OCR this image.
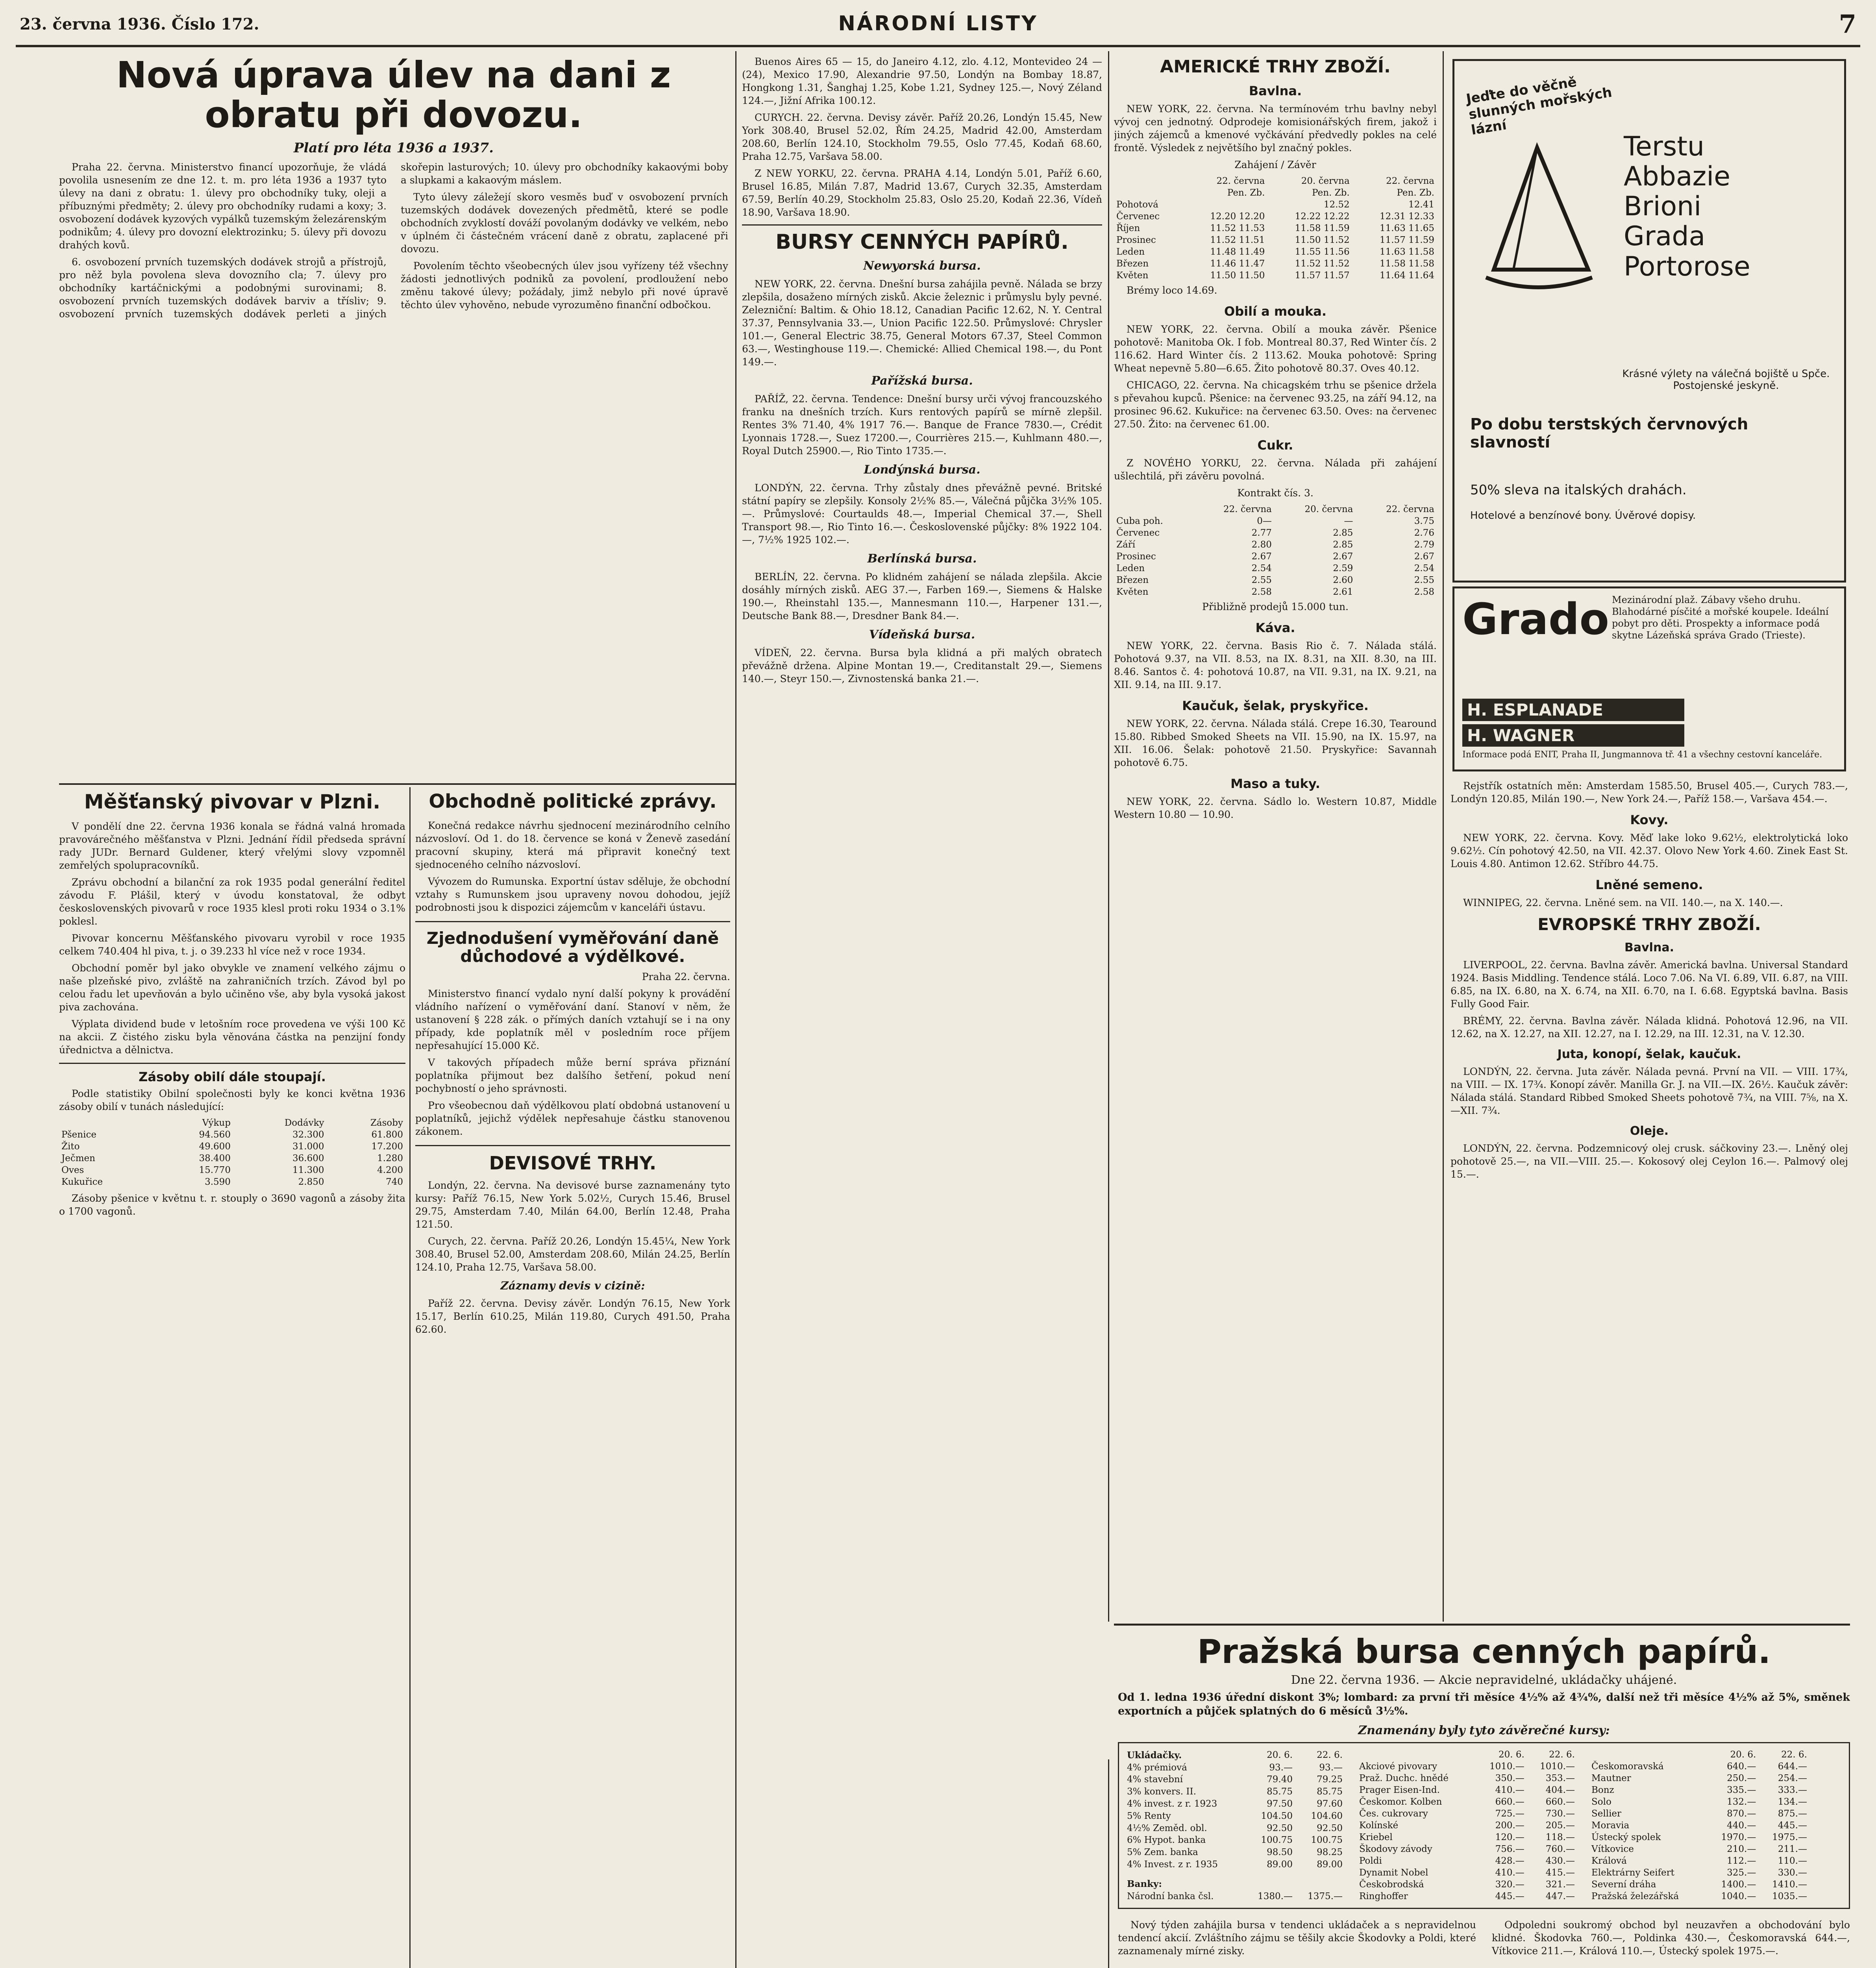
23. června 1936. Číslo 172.	NÁRODNÍ LISTY	7
Nová úprava úlev na dani z obratu při dovozu.

Platí pro léta 1936 a 1937.

Praha 22. června. Ministerstvo financí upozorňuje, že vládá povolila usnesením ze dne 12. t. m. pro léta 1936 a 1937 tyto úlevy na dani z obratu: 1. úlevy pro obchodníky tuky, oleji a příbuznými předměty; 2. úlevy pro obchodníky rudami a koxy; 3. osvobození dodávek kyzových vypálků tuzemským železárenským podnikům; 4. úlevy pro dovozní elektrozinku; 5. úlevy při dovozu drahých kovů.

6. osvobození prvních tuzemských dodávek strojů a přístrojů, pro něž byla povolena sleva dovozního cla; 7. úlevy pro obchodníky kartáčnickými a podobnými surovinami; 8. osvobození prvních tuzemských dodávek barviv a třísliv; 9. osvobození prvních tuzemských dodávek perleti a jiných skořepin lasturových; 10. úlevy pro obchodníky kakaovými boby a slupkami a kakaovým máslem.

Tyto úlevy záležejí skoro vesměs buď v osvobození prvních tuzemských dodávek dovezených předmětů, které se podle obchodních zvyklostí dováží povolaným dodávky ve velkém, nebo v úplném či částečném vrácení daně z obratu, zaplacené při dovozu.

Povolením těchto všeobecných úlev jsou vyřízeny též všechny žádosti jednotlivých podniků za povolení, prodloužení nebo změnu takové úlevy; požádaly, jimž nebylo při nové úpravě těchto úlev vyhověno, nebude vyrozuměno finanční odbočkou.

Měšťanský pivovar v Plzni.

V pondělí dne 22. června 1936 konala se řádná valná hromada pravovárečného měšťanstva v Plzni. Jednání řídil předseda správní rady JUDr. Bernard Guldener, který vřelými slovy vzpomněl zemřelých spolupracovníků.

Zprávu obchodní a bilanční za rok 1935 podal generální ředitel závodu F. Plášil, který v úvodu konstatoval, že odbyt československých pivovarů v roce 1935 klesl proti roku 1934 o 3.1% poklesl.

Pivovar koncernu Měšťanského pivovaru vyrobil v roce 1935 celkem 740.404 hl piva, t. j. o 39.233 hl více než v roce 1934.

Obchodní poměr byl jako obvykle ve znamení velkého zájmu o naše plzeňské pivo, zvláště na zahraničních trzích. Závod byl po celou řadu let upevňován a bylo učiněno vše, aby byla vysoká jakost piva zachována.

Výplata dividend bude v letošním roce provedena ve výši 100 Kč na akcii. Z čistého zisku byla věnována částka na penzijní fondy úřednictva a dělnictva.

Zásoby obilí dále stoupají.

Podle statistiky Obilní společnosti byly ke konci května 1936 zásoby obilí v tunách následující:

	Výkup	Dodávky	Zásoby
Pšenice	94.560	32.300	61.800
Žito	49.600	31.000	17.200
Ječmen	38.400	36.600	1.280
Oves	15.770	11.300	4.200
Kukuřice	3.590	2.850	740

Zásoby pšenice v květnu t. r. stouply o 3690 vagonů a zásoby žita o 1700 vagonů.

Obchodně politické zprávy.

Konečná redakce návrhu sjednocení mezinárodního celního názvosloví. Od 1. do 18. července se koná v Ženevě zasedání pracovní skupiny, která má připravit konečný text sjednoceného celního názvosloví.

Vývozem do Rumunska. Exportní ústav sděluje, že obchodní vztahy s Rumunskem jsou upraveny novou dohodou, jejíž podrobnosti jsou k dispozici zájemcům v kanceláři ústavu.

Zjednodušení vyměřování daně důchodové a výdělkové.

Praha 22. června.

Ministerstvo financí vydalo nyní další pokyny k provádění vládního nařízení o vyměřování daní. Stanoví v něm, že ustanovení § 228 zák. o přímých daních vztahují se i na ony případy, kde poplatník měl v posledním roce příjem nepřesahující 15.000 Kč.

V takových případech může berní správa přiznání poplatníka přijmout bez dalšího šetření, pokud není pochybností o jeho správnosti.

Pro všeobecnou daň výdělkovou platí obdobná ustanovení u poplatníků, jejichž výdělek nepřesahuje částku stanovenou zákonem.

DEVISOVÉ TRHY.

Londýn, 22. června. Na devisové burse zaznamenány tyto kursy: Paříž 76.15, New York 5.02½, Curych 15.46, Brusel 29.75, Amsterdam 7.40, Milán 64.00, Berlín 12.48, Praha 121.50.

Curych, 22. června. Paříž 20.26, Londýn 15.45¼, New York 308.40, Brusel 52.00, Amsterdam 208.60, Milán 24.25, Berlín 124.10, Praha 12.75, Varšava 58.00.

Záznamy devis v cizině:

Paříž 22. června. Devisy závěr. Londýn 76.15, New York 15.17, Berlín 610.25, Milán 119.80, Curych 491.50, Praha 62.60.

Buenos Aires 65 — 15, do Janeiro 4.12, zlo. 4.12, Montevideo 24 — (24), Mexico 17.90, Alexandrie 97.50, Londýn na Bombay 18.87, Hongkong 1.31, Šanghaj 1.25, Kobe 1.21, Sydney 125.—, Nový Zéland 124.—, Jižní Afrika 100.12.

CURYCH. 22. června. Devisy závěr. Paříž 20.26, Londýn 15.45, New York 308.40, Brusel 52.02, Řím 24.25, Madrid 42.00, Amsterdam 208.60, Berlín 124.10, Stockholm 79.55, Oslo 77.45, Kodaň 68.60, Praha 12.75, Varšava 58.00.

Z NEW YORKU, 22. června. PRAHA 4.14, Londýn 5.01, Paříž 6.60, Brusel 16.85, Milán 7.87, Madrid 13.67, Curych 32.35, Amsterdam 67.59, Berlín 40.29, Stockholm 25.83, Oslo 25.20, Kodaň 22.36, Vídeň 18.90, Varšava 18.90.

BURSY CENNÝCH PAPÍRŮ.

Newyorská bursa.

NEW YORK, 22. června. Dnešní bursa zahájila pevně. Nálada se brzy zlepšila, dosaženo mírných zisků. Akcie železnic i průmyslu byly pevné. Zelezniční: Baltim. & Ohio 18.12, Canadian Pacific 12.62, N. Y. Central 37.37, Pennsylvania 33.—, Union Pacific 122.50. Průmyslové: Chrysler 101.—, General Electric 38.75, General Motors 67.37, Steel Common 63.—, Westinghouse 119.—. Chemické: Allied Chemical 198.—, du Pont 149.—.

Pařížská bursa.

PAŘÍŽ, 22. června. Tendence: Dnešní bursy urči vývoj francouzského franku na dnešních trzích. Kurs rentových papírů se mírně zlepšil. Rentes 3% 71.40, 4% 1917 76.—. Banque de France 7830.—, Crédit Lyonnais 1728.—, Suez 17200.—, Courrières 215.—, Kuhlmann 480.—, Royal Dutch 25900.—, Rio Tinto 1735.—.

Londýnská bursa.

LONDÝN, 22. června. Trhy zůstaly dnes převážně pevné. Britské státní papíry se zlepšily. Konsoly 2½% 85.—, Válečná půjčka 3½% 105.—. Průmyslové: Courtaulds 48.—, Imperial Chemical 37.—, Shell Transport 98.—, Rio Tinto 16.—. Československé půjčky: 8% 1922 104.—, 7½% 1925 102.—.

Berlínská bursa.

BERLÍN, 22. června. Po klidném zahájení se nálada zlepšila. Akcie dosáhly mírných zisků. AEG 37.—, Farben 169.—, Siemens & Halske 190.—, Rheinstahl 135.—, Mannesmann 110.—, Harpener 131.—, Deutsche Bank 88.—, Dresdner Bank 84.—.

Vídeňská bursa.

VÍDEŇ, 22. června. Bursa byla klidná a při malých obratech převážně držena. Alpine Montan 19.—, Creditanstalt 29.—, Siemens 140.—, Steyr 150.—, Zivnostenská banka 21.—.

AMERICKÉ TRHY ZBOŽÍ.

Bavlna.

NEW YORK, 22. června. Na termínovém trhu bavlny nebyl vývoj cen jednotný. Odprodeje komisionářských firem, jakož i jiných zájemců a kmenové vyčkávání předvedly pokles na celé frontě. Výsledek z největšího byl značný pokles.

Zahájení / Závěr

	22. června	20. června	22. června
	Pen. Zb.	Pen. Zb.	Pen. Zb.
Pohotová		12.52	12.41
Červenec	12.20 12.20	12.22 12.22	12.31 12.33
Říjen	11.52 11.53	11.58 11.59	11.63 11.65
Prosinec	11.52 11.51	11.50 11.52	11.57 11.59
Leden	11.48 11.49	11.55 11.56	11.63 11.58
Březen	11.46 11.47	11.52 11.52	11.58 11.58
Květen	11.50 11.50	11.57 11.57	11.64 11.64

Brémy loco 14.69.

Obilí a mouka.

NEW YORK, 22. června. Obilí a mouka závěr. Pšenice pohotově: Manitoba Ok. I fob. Montreal 80.37, Red Winter čís. 2 116.62. Hard Winter čís. 2 113.62. Mouka pohotově: Spring Wheat nepevně 5.80—6.65. Žito pohotově 80.37. Oves 40.12.

CHICAGO, 22. června. Na chicagském trhu se pšenice držela s převahou kupců. Pšenice: na červenec 93.25, na září 94.12, na prosinec 96.62. Kukuřice: na červenec 63.50. Oves: na červenec 27.50. Žito: na červenec 61.00.

Cukr.

Z NOVÉHO YORKU, 22. června. Nálada při zahájení ušlechtilá, při závěru povolná.

Kontrakt čís. 3.

	22. června	20. června	22. června
Cuba poh.	0—	—	3.75
Červenec	2.77	2.85	2.76
Září	2.80	2.85	2.79
Prosinec	2.67	2.67	2.67
Leden	2.54	2.59	2.54
Březen	2.55	2.60	2.55
Květen	2.58	2.61	2.58

Přibližně prodejů 15.000 tun.

Káva.

NEW YORK, 22. června. Basis Rio č. 7. Nálada stálá. Pohotová 9.37, na VII. 8.53, na IX. 8.31, na XII. 8.30, na III. 8.46. Santos č. 4: pohotová 10.87, na VII. 9.31, na IX. 9.21, na XII. 9.14, na III. 9.17.

Kaučuk, šelak, pryskyřice.

NEW YORK, 22. června. Nálada stálá. Crepe 16.30, Tearound 15.80. Ribbed Smoked Sheets na VII. 15.90, na IX. 15.97, na XII. 16.06. Šelak: pohotově 21.50. Pryskyřice: Savannah pohotově 6.75.

Maso a tuky.

NEW YORK, 22. června. Sádlo lo. Western 10.87, Middle Western 10.80 — 10.90.

Jeďte do věčně slunných mořských lázní
Terstu
Abbazie
Brioni
Grada
Portorose
Krásné výlety na válečná bojiště u Spče. Postojenské jeskyně.
Po dobu terstských červnových slavností
50% sleva na italských drahách.
Hotelové a benzínové bony. Úvěrové dopisy.
Grado Mezinárodní plaž. Zábavy všeho druhu. Blahodárné písčité a mořské koupele. Ideální pobyt pro děti. Prospekty a informace podá skytne Lázeňská správa Grado (Trieste).
H. ESPLANADE
H. WAGNER
Informace podá ENIT, Praha II, Jungmannova tř. 41 a všechny cestovní kanceláře.

Rejstřík ostatních měn: Amsterdam 1585.50, Brusel 405.—, Curych 783.—, Londýn 120.85, Milán 190.—, New York 24.—, Paříž 158.—, Varšava 454.—.

Kovy.

NEW YORK, 22. června. Kovy. Měď lake loko 9.62½, elektrolytická loko 9.62½. Cín pohotový 42.50, na VII. 42.37. Olovo New York 4.60. Zinek East St. Louis 4.80. Antimon 12.62. Stříbro 44.75.

Lněné semeno.

WINNIPEG, 22. června. Lněné sem. na VII. 140.—, na X. 140.—.

EVROPSKÉ TRHY ZBOŽÍ.

Bavlna.

LIVERPOOL, 22. června. Bavlna závěr. Americká bavlna. Universal Standard 1924. Basis Middling. Tendence stálá. Loco 7.06. Na VI. 6.89, VII. 6.87, na VIII. 6.85, na IX. 6.80, na X. 6.74, na XII. 6.70, na I. 6.68. Egyptská bavlna. Basis Fully Good Fair.

BRÉMY, 22. června. Bavlna závěr. Nálada klidná. Pohotová 12.96, na VII. 12.62, na X. 12.27, na XII. 12.27, na I. 12.29, na III. 12.31, na V. 12.30.

Juta, konopí, šelak, kaučuk.

LONDÝN, 22. června. Juta závěr. Nálada pevná. První na VII. — VIII. 17¾, na VIII. — IX. 17¾. Konopí závěr. Manilla Gr. J. na VII.—IX. 26½. Kaučuk závěr: Nálada stálá. Standard Ribbed Smoked Sheets pohotově 7¾, na VIII. 7⅝, na X.—XII. 7¾.

Oleje.

LONDÝN, 22. června. Podzemnicový olej crusk. sáčkoviny 23.—. Lněný olej pohotově 25.—, na VII.—VIII. 25.—. Kokosový olej Ceylon 16.—. Palmový olej 15.—.

Pražská bursa cenných papírů.

Dne 22. června 1936. — Akcie nepravidelné, ukládačky uhájené.

Od 1. ledna 1936 úřední diskont 3%; lombard: za první tři měsíce 4½% až 4¾%, další než tři měsíce 4½% až 5%, směnek exportních a půjček splatných do 6 měsíců 3½%.

Znamenány byly tyto závěrečné kursy:

Ukládačky.	20. 6.	22. 6.
4% prémiová	93.—	93.—
4% stavební	79.40	79.25
3% konvers. II.	85.75	85.75
4% invest. z r. 1923	97.50	97.60
5% Renty	104.50	104.60
4½% Zeměd. obl.	92.50	92.50
6% Hypot. banka	100.75	100.75
5% Zem. banka	98.50	98.25
4% Invest. z r. 1935	89.00	89.00
Banky:		
Národní banka čsl.	1380.—	1375.—
	20. 6.	22. 6.
Akciové pivovary	1010.—	1010.—
Praž. Duchc. hnědé	350.—	353.—
Prager Eisen-Ind.	410.—	404.—
Českomor. Kolben	660.—	660.—
Čes. cukrovary	725.—	730.—
Kolínské	200.—	205.—
Kriebel	120.—	118.—
Škodovy závody	756.—	760.—
Poldi	428.—	430.—
Dynamit Nobel	410.—	415.—
Českobrodská	320.—	321.—
Ringhoffer	445.—	447.—
	20. 6.	22. 6.
Českomoravská	640.—	644.—
Mautner	250.—	254.—
Bonz	335.—	333.—
Solo	132.—	134.—
Sellier	870.—	875.—
Moravia	440.—	445.—
Ústecký spolek	1970.—	1975.—
Vítkovice	210.—	211.—
Králová	112.—	110.—
Elektrárny Seifert	325.—	330.—
Severní dráha	1400.—	1410.—
Pražská železářská	1040.—	1035.—

Nový týden zahájila bursa v tendenci ukládaček a s nepravidelnou tendencí akcií. Zvláštního zájmu se těšily akcie Škodovky a Poldi, které zaznamenaly mírné zisky.

Odpoledni soukromý obchod byl neuzavřen a obchodování bylo klidné. Škodovka 760.—, Poldinka 430.—, Českomoravská 644.—, Vítkovice 211.—, Králová 110.—, Ústecký spolek 1975.—.
